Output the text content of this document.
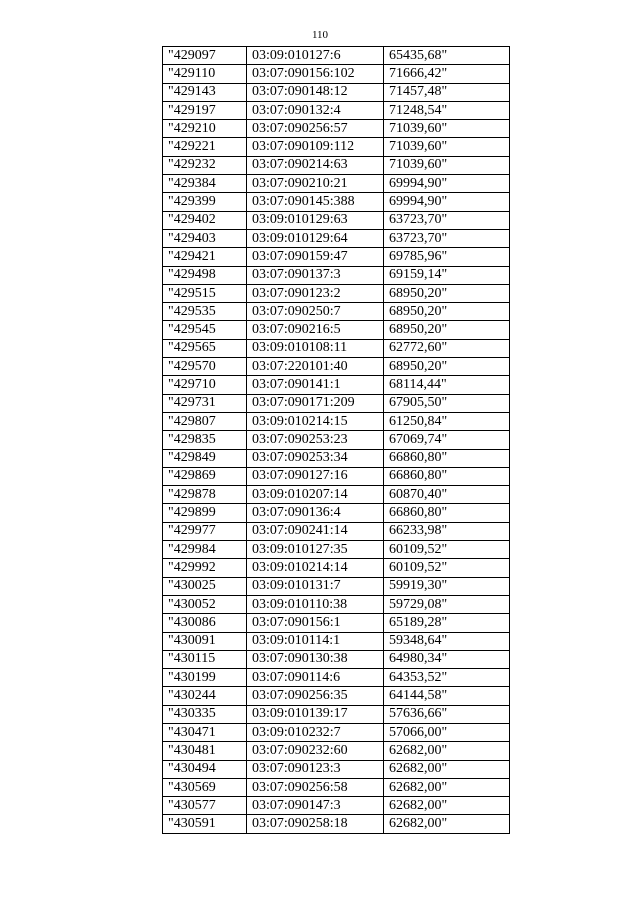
110
"429097	03:09:010127:6	65435,68"
"429110	03:07:090156:102	71666,42"
"429143	03:07:090148:12	71457,48"
"429197	03:07:090132:4	71248,54"
"429210	03:07:090256:57	71039,60"
"429221	03:07:090109:112	71039,60"
"429232	03:07:090214:63	71039,60"
"429384	03:07:090210:21	69994,90"
"429399	03:07:090145:388	69994,90"
"429402	03:09:010129:63	63723,70"
"429403	03:09:010129:64	63723,70"
"429421	03:07:090159:47	69785,96"
"429498	03:07:090137:3	69159,14"
"429515	03:07:090123:2	68950,20"
"429535	03:07:090250:7	68950,20"
"429545	03:07:090216:5	68950,20"
"429565	03:09:010108:11	62772,60"
"429570	03:07:220101:40	68950,20"
"429710	03:07:090141:1	68114,44"
"429731	03:07:090171:209	67905,50"
"429807	03:09:010214:15	61250,84"
"429835	03:07:090253:23	67069,74"
"429849	03:07:090253:34	66860,80"
"429869	03:07:090127:16	66860,80"
"429878	03:09:010207:14	60870,40"
"429899	03:07:090136:4	66860,80"
"429977	03:07:090241:14	66233,98"
"429984	03:09:010127:35	60109,52"
"429992	03:09:010214:14	60109,52"
"430025	03:09:010131:7	59919,30"
"430052	03:09:010110:38	59729,08"
"430086	03:07:090156:1	65189,28"
"430091	03:09:010114:1	59348,64"
"430115	03:07:090130:38	64980,34"
"430199	03:07:090114:6	64353,52"
"430244	03:07:090256:35	64144,58"
"430335	03:09:010139:17	57636,66"
"430471	03:09:010232:7	57066,00"
"430481	03:07:090232:60	62682,00"
"430494	03:07:090123:3	62682,00"
"430569	03:07:090256:58	62682,00"
"430577	03:07:090147:3	62682,00"
"430591	03:07:090258:18	62682,00"
